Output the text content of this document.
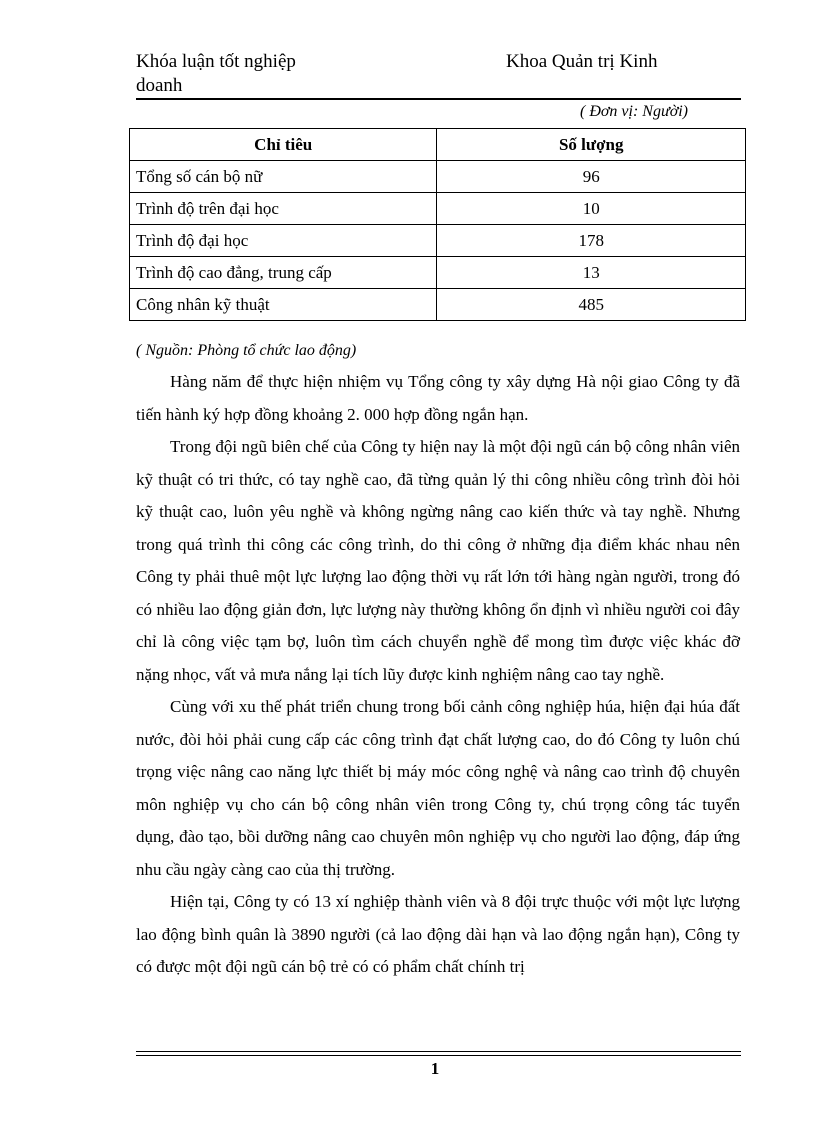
Khóa luận tốt nghiệp doanh
Khoa Quản trị Kinh
( Đơn vị: Người)
Chỉ tiêu	Số lượng
Tổng số cán bộ nữ	96
Trình độ trên đại học	10
Trình độ đại học	178
Trình độ cao đẳng, trung cấp	13
Công nhân kỹ thuật	485
( Nguồn: Phòng tổ chức lao động)

Hàng năm để thực hiện nhiệm vụ Tổng công ty xây dựng Hà nội giao Công ty đã tiến hành ký hợp đồng khoảng 2. 000 hợp đồng ngắn hạn.

Trong đội ngũ biên chế của Công ty hiện nay là một đội ngũ cán bộ công nhân viên kỹ thuật có tri thức, có tay nghề cao, đã từng quản lý thi công nhiều công trình đòi hỏi kỹ thuật cao, luôn yêu nghề và không ngừng nâng cao kiến thức và tay nghề. Nhưng trong quá trình thi công các công trình, do thi công ở những địa điểm khác nhau nên Công ty phải thuê một lực lượng lao động thời vụ rất lớn tới hàng ngàn người, trong đó có nhiều lao động giản đơn, lực lượng này thường không ổn định vì nhiều người coi đây chỉ là công việc tạm bợ, luôn tìm cách chuyển nghề để mong tìm được việc khác đỡ nặng nhọc, vất vả mưa nắng lại tích lũy được kinh nghiệm nâng cao tay nghề.

Cùng với xu thế phát triển chung trong bối cảnh công nghiệp húa, hiện đại húa đất nước, đòi hỏi phải cung cấp các công trình đạt chất lượng cao, do đó Công ty luôn chú trọng việc nâng cao năng lực thiết bị máy móc công nghệ và nâng cao trình độ chuyên môn nghiệp vụ cho cán bộ công nhân viên trong Công ty, chú trọng công tác tuyển dụng, đào tạo, bồi dưỡng nâng cao chuyên môn nghiệp vụ cho người lao động, đáp ứng nhu cầu ngày càng cao của thị trường.

Hiện tại, Công ty có 13 xí nghiệp thành viên và 8 đội trực thuộc với một lực lượng lao động bình quân là 3890 người (cả lao động dài hạn và lao động ngắn hạn), Công ty có được một đội ngũ cán bộ trẻ có có phẩm chất chính trị

1
